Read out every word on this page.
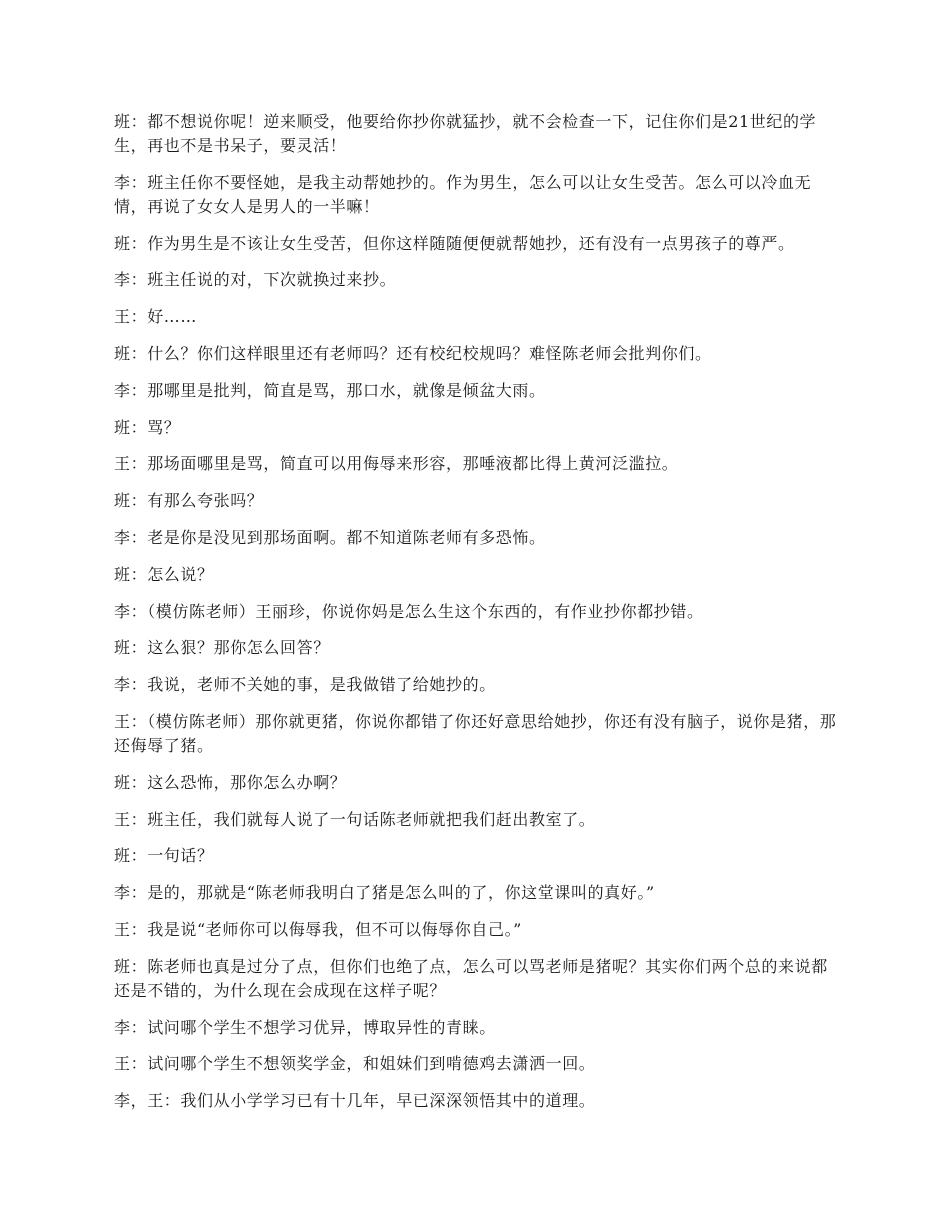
班：都不想说你呢！逆来顺受，他要给你抄你就猛抄，就不会检查一下，记住你们是21世纪的学生，再也不是书呆子，要灵活！

李：班主任你不要怪她，是我主动帮她抄的。作为男生，怎么可以让女生受苦。怎么可以冷血无情，再说了女女人是男人的一半嘛！

班：作为男生是不该让女生受苦，但你这样随随便便就帮她抄，还有没有一点男孩子的尊严。

李：班主任说的对，下次就换过来抄。

王：好……

班：什么？你们这样眼里还有老师吗？还有校纪校规吗？难怪陈老师会批判你们。

李：那哪里是批判，简直是骂，那口水，就像是倾盆大雨。

班：骂？

王：那场面哪里是骂，简直可以用侮辱来形容，那唾液都比得上黄河泛滥拉。

班：有那么夸张吗？

李：老是你是没见到那场面啊。都不知道陈老师有多恐怖。

班：怎么说？

李：（模仿陈老师）王丽珍，你说你妈是怎么生这个东西的，有作业抄你都抄错。

班：这么狠？那你怎么回答？

李：我说，老师不关她的事，是我做错了给她抄的。

王：（模仿陈老师）那你就更猪，你说你都错了你还好意思给她抄，你还有没有脑子，说你是猪，那还侮辱了猪。

班：这么恐怖，那你怎么办啊？

王：班主任，我们就每人说了一句话陈老师就把我们赶出教室了。

班：一句话？

李：是的，那就是“陈老师我明白了猪是怎么叫的了，你这堂课叫的真好。”

王：我是说“老师你可以侮辱我，但不可以侮辱你自己。”

班：陈老师也真是过分了点，但你们也绝了点，怎么可以骂老师是猪呢？其实你们两个总的来说都还是不错的，为什么现在会成现在这样子呢？

李：试问哪个学生不想学习优异，博取异性的青睐。

王：试问哪个学生不想领奖学金，和姐妹们到啃德鸡去潇洒一回。

李，王：我们从小学学习已有十几年，早已深深领悟其中的道理。
